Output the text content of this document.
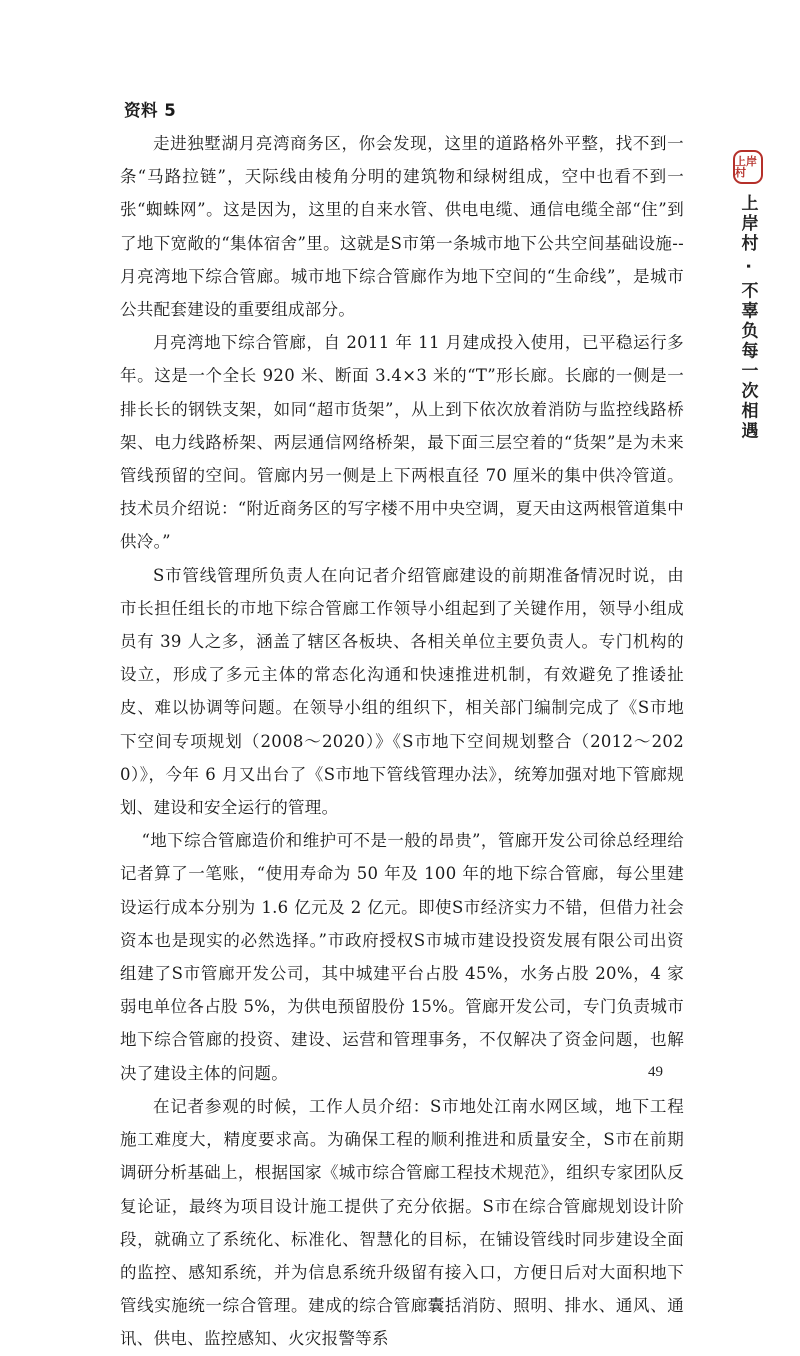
资料 5

走进独墅湖月亮湾商务区，你会发现，这里的道路格外平整，找不到一条“马路拉链”，天际线由棱角分明的建筑物和绿树组成，空中也看不到一张“蜘蛛网”。这是因为，这里的自来水管、供电电缆、通信电缆全部“住”到了地下宽敞的“集体宿舍”里。这就是S市第一条城市地下公共空间基础设施--月亮湾地下综合管廊。城市地下综合管廊作为地下空间的“生命线”，是城市公共配套建设的重要组成部分。

月亮湾地下综合管廊，自 2011 年 11 月建成投入使用，已平稳运行多年。这是一个全长 920 米、断面 3.4×3 米的“T”形长廊。长廊的一侧是一排长长的钢铁支架，如同“超市货架”，从上到下依次放着消防与监控线路桥架、电力线路桥架、两层通信网络桥架，最下面三层空着的“货架”是为未来管线预留的空间。管廊内另一侧是上下两根直径 70 厘米的集中供冷管道。技术员介绍说：“附近商务区的写字楼不用中央空调，夏天由这两根管道集中供冷。”

S市管线管理所负责人在向记者介绍管廊建设的前期准备情况时说，由市长担任组长的市地下综合管廊工作领导小组起到了关键作用，领导小组成员有 39 人之多，涵盖了辖区各板块、各相关单位主要负责人。专门机构的设立，形成了多元主体的常态化沟通和快速推进机制，有效避免了推诿扯皮、难以协调等问题。在领导小组的组织下，相关部门编制完成了《S市地下空间专项规划（2008～2020）》《S市地下空间规划整合（2012～2020）》，今年 6 月又出台了《S市地下管线管理办法》，统筹加强对地下管廊规划、建设和安全运行的管理。

“地下综合管廊造价和维护可不是一般的昂贵”，管廊开发公司徐总经理给记者算了一笔账，“使用寿命为 50 年及 100 年的地下综合管廊，每公里建设运行成本分别为 1.6 亿元及 2 亿元。即使S市经济实力不错，但借力社会资本也是现实的必然选择。”市政府授权S市城市建设投资发展有限公司出资组建了S市管廊开发公司，其中城建平台占股 45%，水务占股 20%，4 家弱电单位各占股 5%，为供电预留股份 15%。管廊开发公司，专门负责城市地下综合管廊的投资、建设、运营和管理事务，不仅解决了资金问题，也解决了建设主体的问题。

在记者参观的时候，工作人员介绍：S市地处江南水网区域，地下工程施工难度大，精度要求高。为确保工程的顺利推进和质量安全，S市在前期调研分析基础上，根据国家《城市综合管廊工程技术规范》，组织专家团队反复论证，最终为项目设计施工提供了充分依据。S市在综合管廊规划设计阶段，就确立了系统化、标准化、智慧化的目标，在铺设管线时同步建设全面的监控、感知系统，并为信息系统升级留有接入口，方便日后对大面积地下管线实施统一综合管理。建成的综合管廊囊括消防、照明、排水、通风、通讯、供电、监控感知、火灾报警等系

上岸村
上岸村 · 不辜负每一次相遇
49
